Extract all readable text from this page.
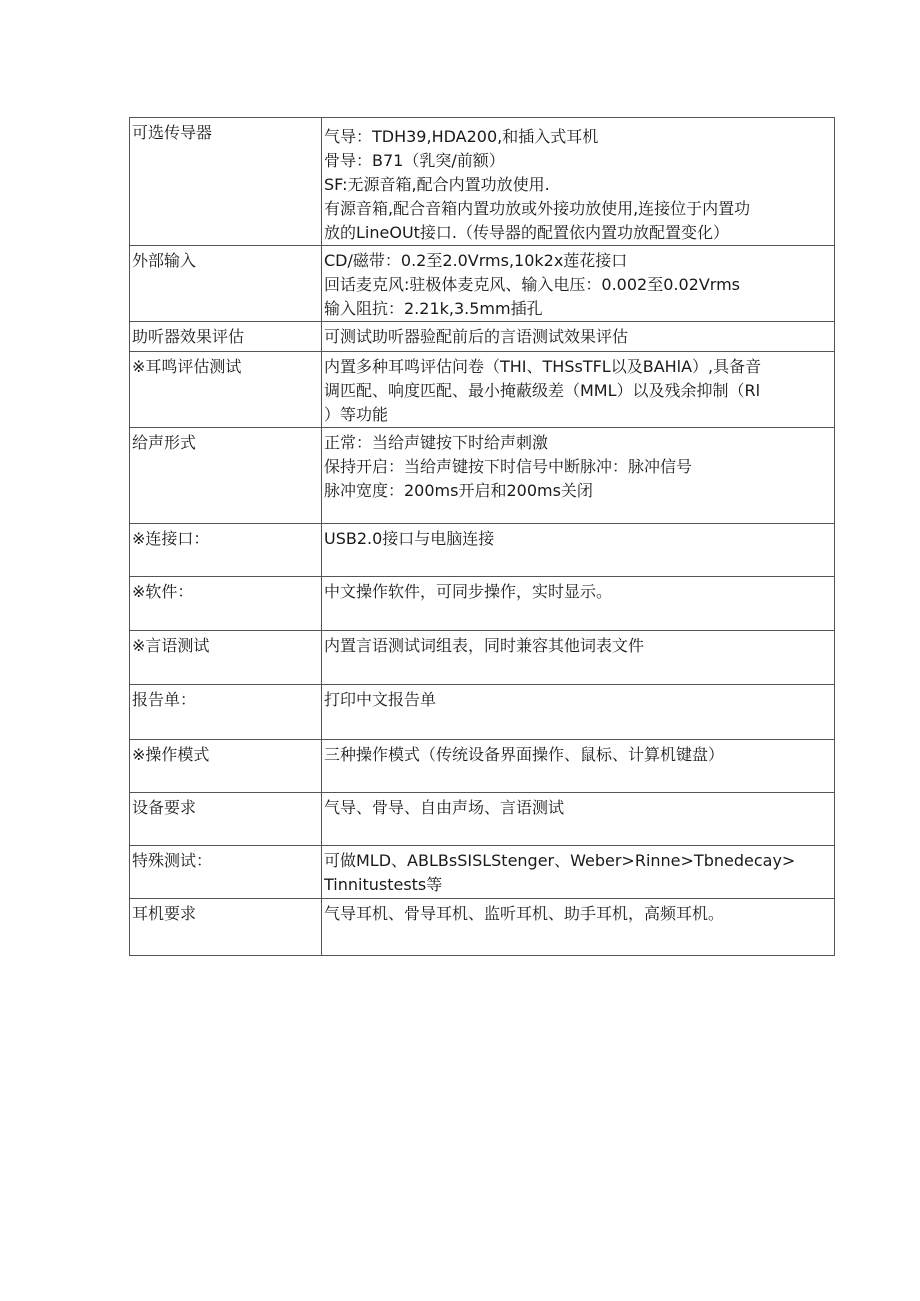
可选传导器	气导：TDH39,HDA200,和插入式耳机
骨导：B71（乳突/前额）
SF:无源音箱,配合内置功放使用.
有源音箱,配合音箱内置功放或外接功放使用,连接位于内置功
放的LineOUt接口.（传导器的配置依内置功放配置变化）

外部输入	CD/磁带：0.2至2.0Vrms,10k2x莲花接口
回话麦克风:驻极体麦克风、输入电压：0.002至0.02Vrms
输入阻抗：2.21k,3.5mm插孔

助听器效果评估	可测试助听器验配前后的言语测试效果评估

※耳鸣评估测试	内置多种耳鸣评估问卷（THI、THSsTFL以及BAHlA）,具备音
调匹配、响度匹配、最小掩蔽级差（MML）以及残余抑制（Rl
）等功能

给声形式	正常：当给声键按下时给声刺激
保持开启：当给声键按下时信号中断脉冲：脉冲信号
脉冲宽度：200ms开启和200ms关闭

※连接口：	USB2.0接口与电脑连接

※软件：	中文操作软件，可同步操作，实时显示。

※言语测试	内置言语测试词组表，同时兼容其他词表文件

报告单：	打印中文报告单

※操作模式	三种操作模式（传统设备界面操作、鼠标、计算机键盘）

设备要求	气导、骨导、自由声场、言语测试

特殊测试：	可做MLD、ABLBsSISLStenger、Weber>Rinne>Tbnedecay>
Tinnitustests等

耳机要求	气导耳机、骨导耳机、监听耳机、助手耳机，高频耳机。
